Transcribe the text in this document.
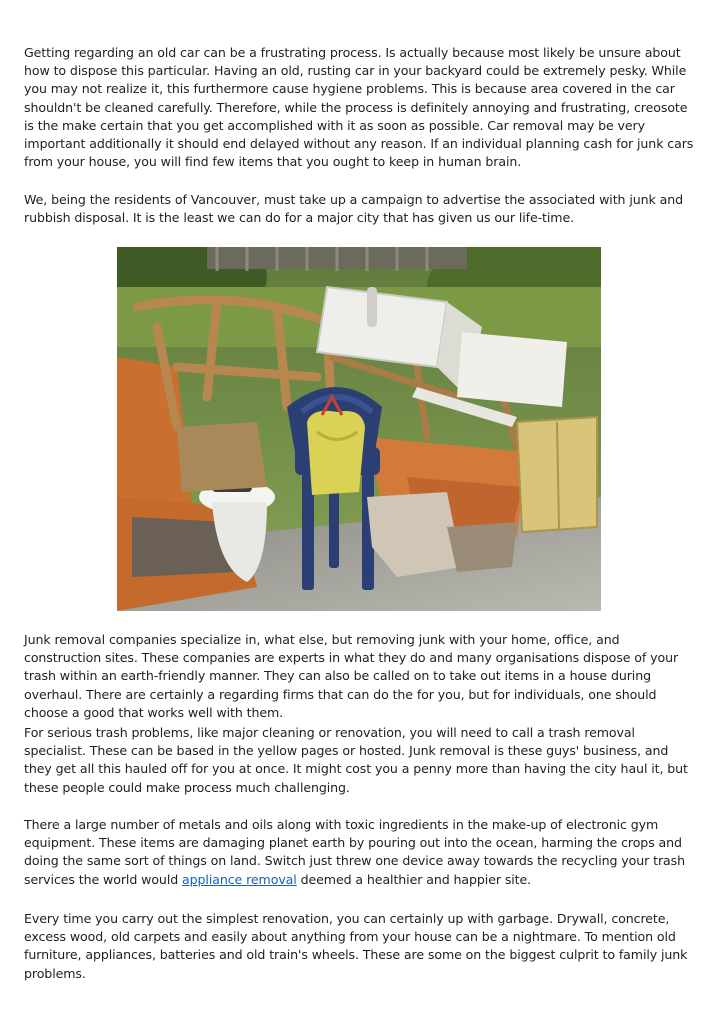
Getting regarding an old car can be a frustrating process. Is actually because most likely be unsure about how to dispose this particular. Having an old, rusting car in your backyard could be extremely pesky. While you may not realize it, this furthermore cause hygiene problems. This is because area covered in the car shouldn't be cleaned carefully. Therefore, while the process is definitely annoying and frustrating, creosote is the make certain that you get accomplished with it as soon as possible. Car removal may be very important additionally it should end delayed without any reason. If an individual planning cash for junk cars from your house, you will find few items that you ought to keep in human brain.

We, being the residents of Vancouver, must take up a campaign to advertise the associated with junk and rubbish disposal. It is the least we can do for a major city that has given us our life-time.

Junk removal companies specialize in, what else, but removing junk with your home, office, and construction sites. These companies are experts in what they do and many organisations dispose of your trash within an earth-friendly manner. They can also be called on to take out items in a house during overhaul. There are certainly a regarding firms that can do the for you, but for individuals, one should choose a good that works well with them.

For serious trash problems, like major cleaning or renovation, you will need to call a trash removal specialist. These can be based in the yellow pages or hosted. Junk removal is these guys' business, and they get all this hauled off for you at once. It might cost you a penny more than having the city haul it, but these people could make process much challenging.

There a large number of metals and oils along with toxic ingredients in the make-up of electronic gym equipment. These items are damaging planet earth by pouring out into the ocean, harming the crops and doing the same sort of things on land. Switch just threw one device away towards the recycling your trash services the world would appliance removal deemed a healthier and happier site.

Every time you carry out the simplest renovation, you can certainly up with garbage. Drywall, concrete, excess wood, old carpets and easily about anything from your house can be a nightmare. To mention old furniture, appliances, batteries and old train's wheels. These are some on the biggest culprit to family junk problems.
